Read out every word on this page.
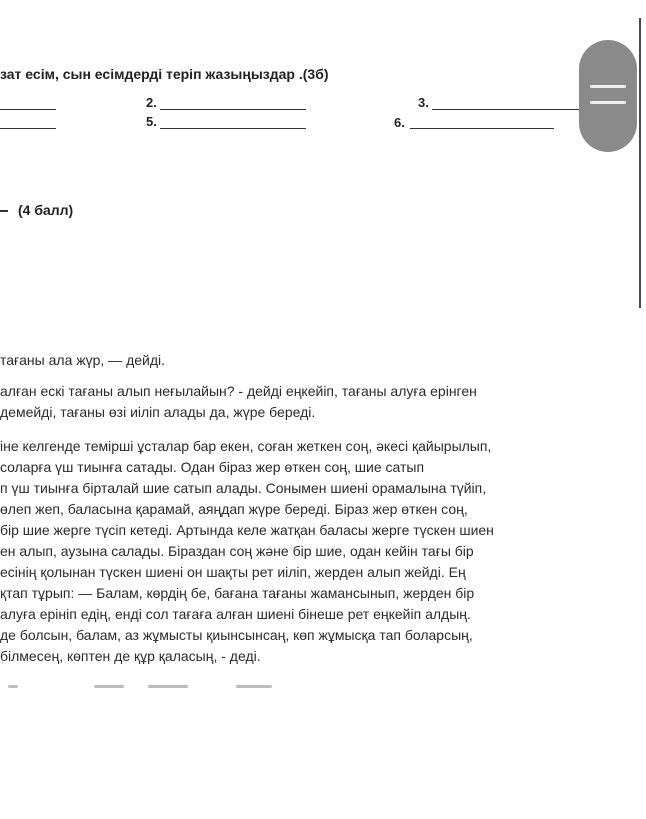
зат есім, сын есімдерді теріп жазыңыздар .(3б)
2.	3.
5.	6.
(4 балл)
тағаны ала жүр, — дейді.
алған ескі тағаны алып неғылайын? - дейді еңкейіп, тағаны алуға ерінген
демейді, тағаны өзі иіліп алады да, жүре береді.
іне келгенде темірші ұсталар бар екен, соған жеткен соң, әкесі қайырылып,
соларға үш тиынға сатады. Одан біраз жер өткен соң, шие сатып
п үш тиынға бірталай шие сатып алады. Сонымен шиені орамалына түйіп,
өлеп жеп, баласына қарамай, аяңдап жүре береді. Біраз жер өткен соң,
бір шие жерге түсіп кетеді. Артында келе жатқан баласы жерге түскен шиен
ен алып, аузына салады. Біраздан соң және бір шие, одан кейін тағы бір
есінің қолынан түскен шиені он шақты рет иіліп, жерден алып жейді. Ең
қтап тұрып: — Балам, көрдің бе, бағана тағаны жамансынып, жерден бір
алуға ерініп едің, енді сол тағаға алған шиені бінеше рет еңкейіп алдың.
де болсын, балам, аз жұмысты қиынсынсаң, көп жұмысқа тап боларсың,
білмесең, көптен де құр қаласың, - деді.
